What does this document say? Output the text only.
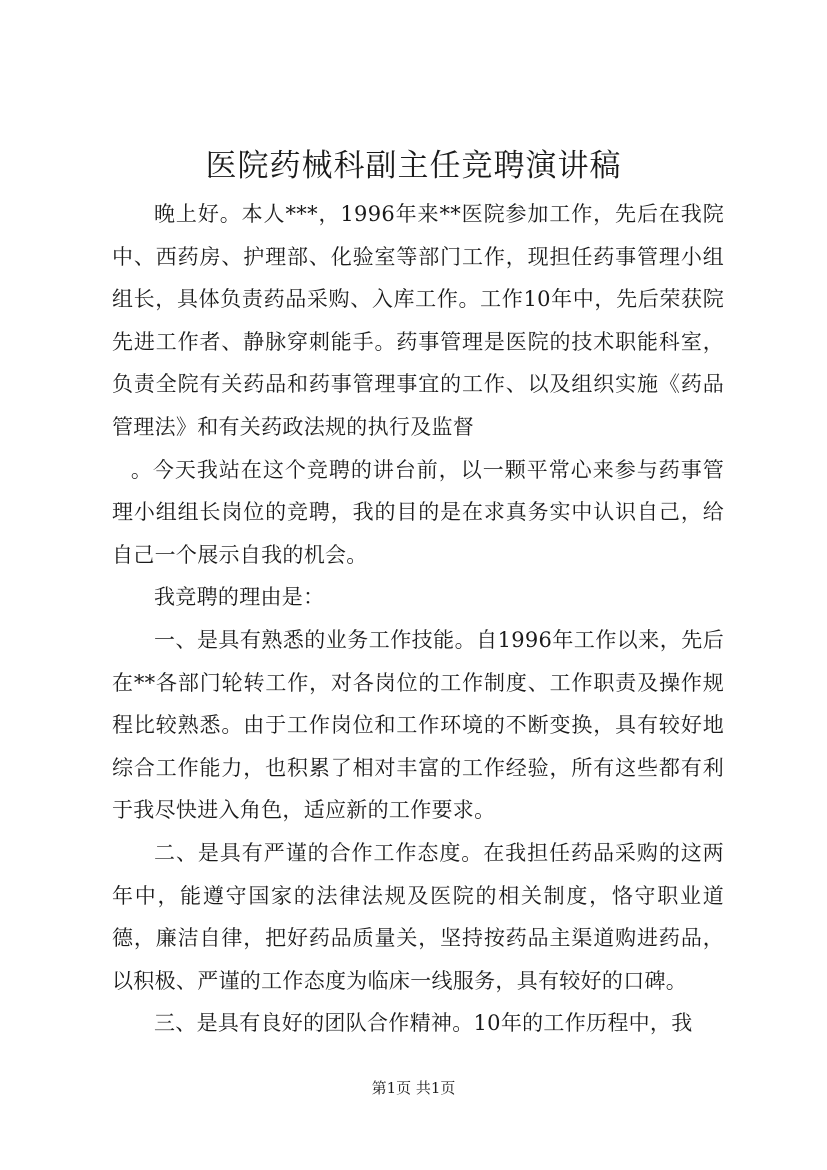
医院药械科副主任竞聘演讲稿

晚上好。本人***，1996年来**医院参加工作，先后在我院中、西药房、护理部、化验室等部门工作，现担任药事管理小组组长，具体负责药品采购、入库工作。工作10年中，先后荣获院先进工作者、静脉穿刺能手。药事管理是医院的技术职能科室，负责全院有关药品和药事管理事宜的工作、以及组织实施《药品管理法》和有关药政法规的执行及监督

。今天我站在这个竞聘的讲台前，以一颗平常心来参与药事管理小组组长岗位的竞聘，我的目的是在求真务实中认识自己，给自己一个展示自我的机会。

我竞聘的理由是：

一、是具有熟悉的业务工作技能。自1996年工作以来，先后在**各部门轮转工作，对各岗位的工作制度、工作职责及操作规程比较熟悉。由于工作岗位和工作环境的不断变换，具有较好地综合工作能力，也积累了相对丰富的工作经验，所有这些都有利于我尽快进入角色，适应新的工作要求。

二、是具有严谨的合作工作态度。在我担任药品采购的这两年中，能遵守国家的法律法规及医院的相关制度，恪守职业道德，廉洁自律，把好药品质量关，坚持按药品主渠道购进药品，以积极、严谨的工作态度为临床一线服务，具有较好的口碑。

三、是具有良好的团队合作精神。10年的工作历程中，我

第1页 共1页
